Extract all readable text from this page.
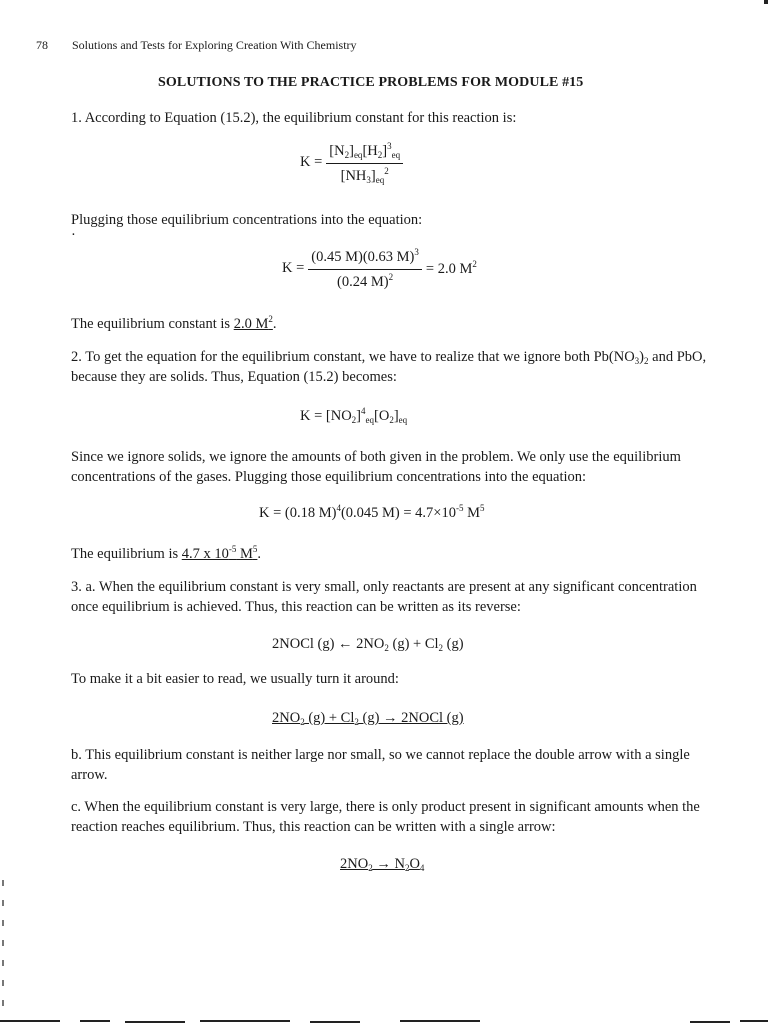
78 Solutions and Tests for Exploring Creation With Chemistry
SOLUTIONS TO THE PRACTICE PROBLEMS FOR MODULE #15
1. According to Equation (15.2), the equilibrium constant for this reaction is:
$K = \frac{[N_2]_{eq}[H_2]^3_{eq}}{[NH_3]_{eq}^2}$
Plugging those equilibrium concentrations into the equation:
·
$K = \frac{(0.45 M)(0.63 M)^3}{(0.24 M)^2} = 2.0$ $M^2$
The equilibrium constant is 2.0 $M^2$.
2. To get the equation for the equilibrium constant, we have to realize that we ignore both $Pb(NO_3)_2$ and PbO, because they are solids. Thus, Equation (15.2) becomes:
$K = [NO_2]^4_{eq}[O_2]_{eq}$
Since we ignore solids, we ignore the amounts of both given in the problem. We only use the equilibrium concentrations of the gases. Plugging those equilibrium concentrations into the equation:
K = (0.18 M)$^4$(0.045 $M) = 4.7\times 10^{-5}$ $M^5$
The equilibrium is 4.7 x $10^{-5}$ $M^5$.
3. a. When the equilibrium constant is very small, only reactants are present at any significant concentration once equilibrium is achieved. Thus, this reaction can be written as its reverse:
2NOCl (g) ← $2NO_2$ $(g) + Cl_2$ (g)
To make it a bit easier to read, we usually turn it around:
$2NO_2$ $(g) + Cl_2$ (g) → 2NOCl (g)
b. This equilibrium constant is neither large nor small, so we cannot replace the double arrow with a single arrow.
c. When the equilibrium constant is very large, there is only product present in significant amounts when the reaction reaches equilibrium. Thus, this reaction can be written with a single arrow:
$2NO_2 \to N_2O_4$
